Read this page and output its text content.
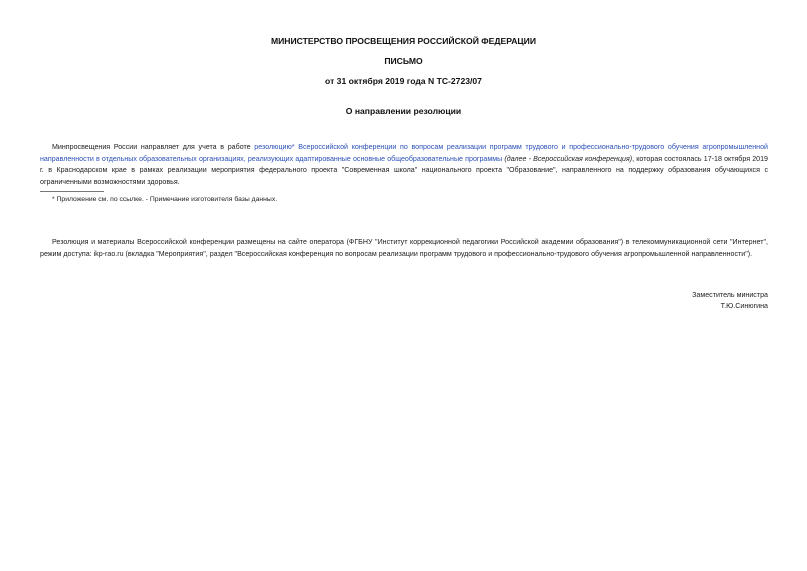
МИНИСТЕРСТВО ПРОСВЕЩЕНИЯ РОССИЙСКОЙ ФЕДЕРАЦИИ
ПИСЬМО
от 31 октября 2019 года N ТС-2723/07
О направлении резолюции
Минпросвещения России направляет для учета в работе резолюцию* Всероссийской конференции по вопросам реализации программ трудового и профессионально-трудового обучения агропромышленной направленности в отдельных образовательных организациях, реализующих адаптированные основные общеобразовательные программы (далее - Всероссийская конференция), которая состоялась 17-18 октября 2019 г. в Краснодарском крае в рамках реализации мероприятия федерального проекта "Современная школа" национального проекта "Образование", направленного на поддержку образования обучающихся с ограниченными возможностями здоровья.
* Приложение см. по ссылке. - Примечание изготовителя базы данных.
Резолюция и материалы Всероссийской конференции размещены на сайте оператора (ФГБНУ "Институт коррекционной педагогики Российской академии образования") в телекоммуникационной сети "Интернет", режим доступа: ikp-rao.ru (вкладка "Мероприятия", раздел "Всероссийская конференция по вопросам реализации программ трудового и профессионально-трудового обучения агропромышленной направленности").
Заместитель министра
Т.Ю.Синюгина
